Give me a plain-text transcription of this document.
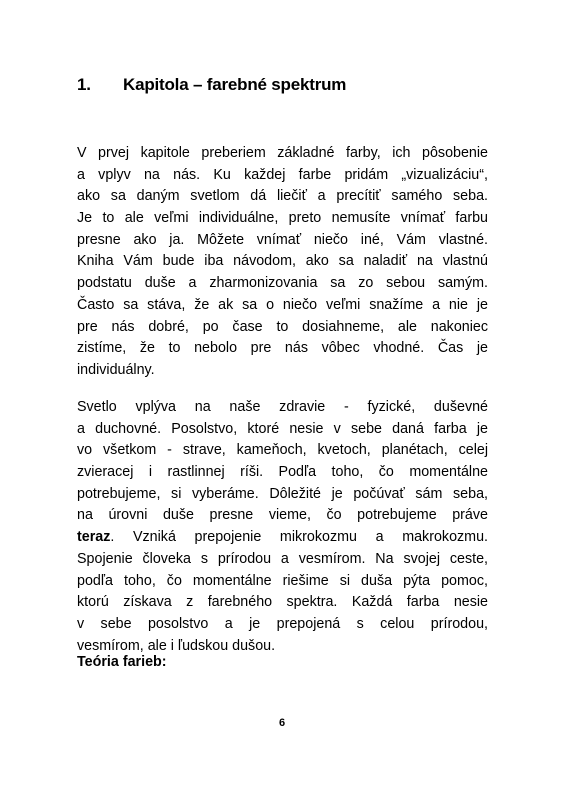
1. Kapitola – farebné spektrum
V prvej kapitole preberiem základné farby, ich pôsobenie
a vplyv na nás. Ku každej farbe pridám „vizualizáciu“,
ako sa daným svetlom dá liečiť a precítiť samého seba.
Je to ale veľmi individuálne, preto nemusíte vnímať farbu
presne ako ja. Môžete vnímať niečo iné, Vám vlastné.
Kniha Vám bude iba návodom, ako sa naladiť na vlastnú
podstatu duše a zharmonizovania sa zo sebou samým.
Často sa stáva, že ak sa o niečo veľmi snažíme a nie je
pre nás dobré, po čase to dosiahneme, ale nakoniec
zistíme, že to nebolo pre nás vôbec vhodné. Čas je
individuálny.
Svetlo vplýva na naše zdravie - fyzické, duševné
a duchovné. Posolstvo, ktoré nesie v sebe daná farba je
vo všetkom - strave, kameňoch, kvetoch, planétach, celej
zvieracej i rastlinnej ríši. Podľa toho, čo momentálne
potrebujeme, si vyberáme. Dôležité je počúvať sám seba,
na úrovni duše presne vieme, čo potrebujeme práve
teraz. Vzniká prepojenie mikrokozmu a makrokozmu.
Spojenie človeka s prírodou a vesmírom. Na svojej ceste,
podľa toho, čo momentálne riešime si duša pýta pomoc,
ktorú získava z farebného spektra. Každá farba nesie
v sebe posolstvo a je prepojená s celou prírodou,
vesmírom, ale i ľudskou dušou.
Teória farieb:
6
